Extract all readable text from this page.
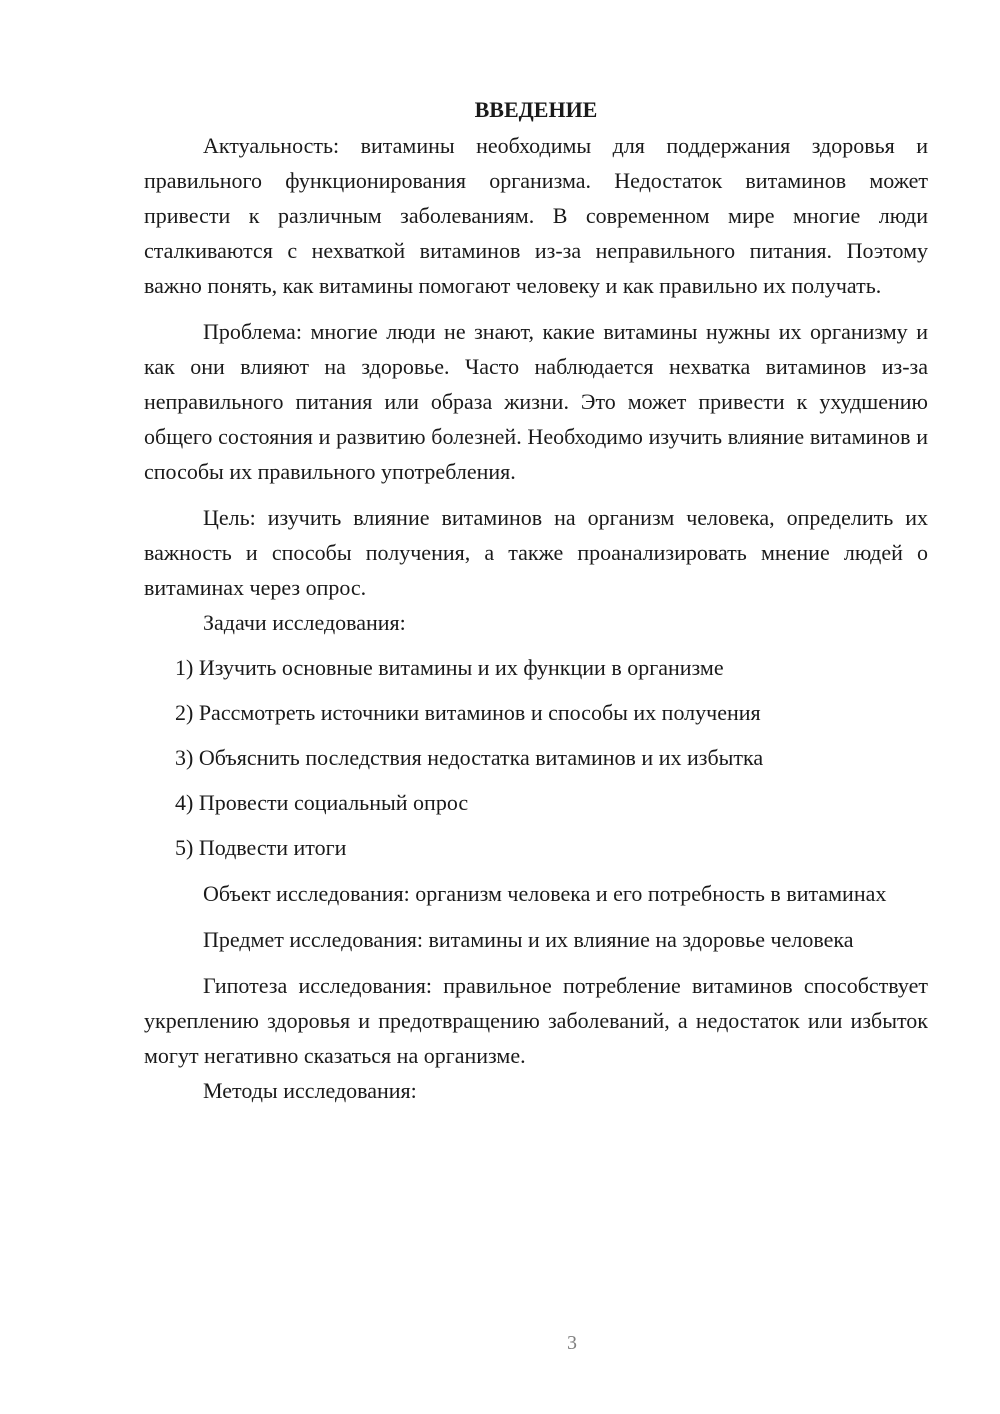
ВВЕДЕНИЕ

Актуальность: витамины необходимы для поддержания здоровья и правильного функционирования организма. Недостаток витаминов может привести к различным заболеваниям. В современном мире многие люди сталкиваются с нехваткой витаминов из-за неправильного питания. Поэтому важно понять, как витамины помогают человеку и как правильно их получать.

Проблема: многие люди не знают, какие витамины нужны их организму и как они влияют на здоровье. Часто наблюдается нехватка витаминов из-за неправильного питания или образа жизни. Это может привести к ухудшению общего состояния и развитию болезней. Необходимо изучить влияние витаминов и способы их правильного употребления.

Цель: изучить влияние витаминов на организм человека, определить их важность и способы получения, а также проанализировать мнение людей о витаминах через опрос.

Задачи исследования:

1) Изучить основные витамины и их функции в организме
2) Рассмотреть источники витаминов и способы их получения
3) Объяснить последствия недостатка витаминов и их избытка
4) Провести социальный опрос
5) Подвести итоги

Объект исследования: организм человека и его потребность в витаминах

Предмет исследования: витамины и их влияние на здоровье человека

Гипотеза исследования: правильное потребление витаминов способствует укреплению здоровья и предотвращению заболеваний, а недостаток или избыток могут негативно сказаться на организме.

Методы исследования:

3
